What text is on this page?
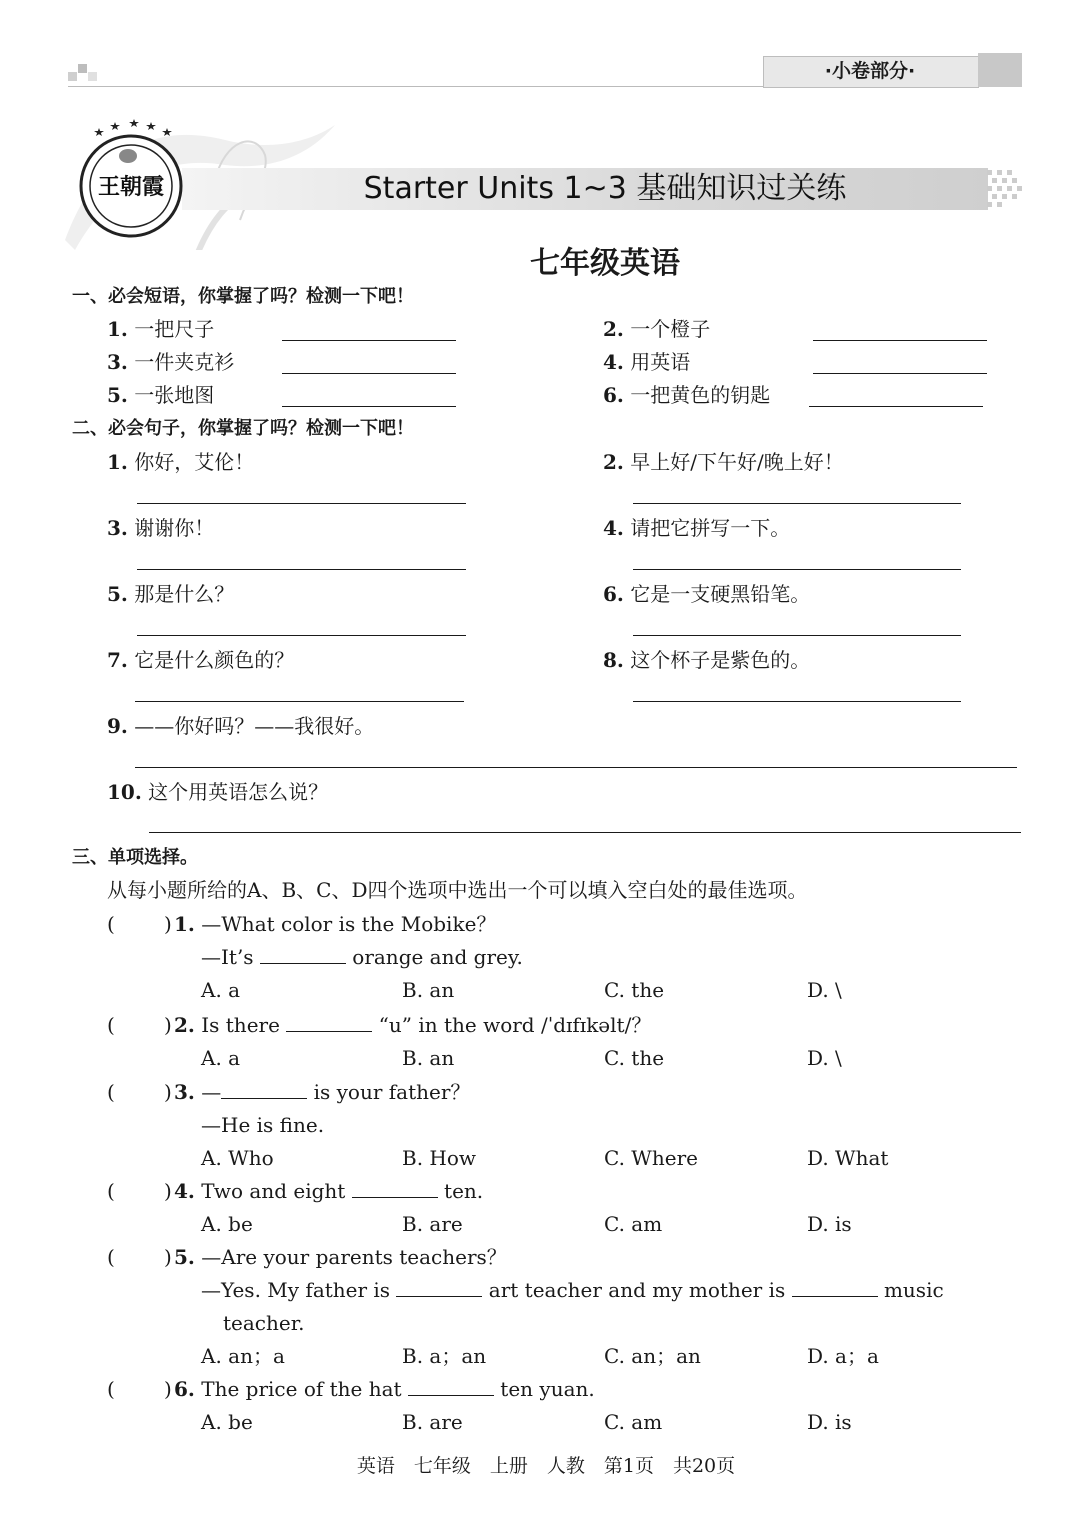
·小卷部分·
Starter Units 1~3 基础知识过关练
王朝霞
七年级英语
一、必会短语，你掌握了吗？检测一下吧！
1. 一把尺子	2. 一个橙子
3. 一件夹克衫	4. 用英语
5. 一张地图	6. 一把黄色的钥匙
二、必会句子，你掌握了吗？检测一下吧！
1. 你好，艾伦！	2. 早上好/下午好/晚上好！
3. 谢谢你！	4. 请把它拼写一下。
5. 那是什么？	6. 它是一支硬黑铅笔。
7. 它是什么颜色的？	8. 这个杯子是紫色的。
9. ——你好吗？——我很好。
10. 这个用英语怎么说？
三、单项选择。
从每小题所给的A、B、C、D四个选项中选出一个可以填入空白处的最佳选项。
( ) 1. —What color is the Mobike？
—It’s	orange and grey.
A. a	B. an	C. the	D. \
( ) 2. Is there	“u” in the word /ˈdɪfɪkəlt/？
A. a	B. an	C. the	D. \
( ) 3. —	is your father？
—He is fine.
A. Who	B. How	C. Where	D. What
( ) 4. Two and eight	ten.
A. be	B. are	C. am	D. is
( ) 5. —Are your parents teachers？
—Yes. My father is	art teacher and my mother is	music
teacher.
A. an；a	B. a；an	C. an；an	D. a；a
( ) 6. The price of the hat	ten yuan.
A. be	B. are	C. am	D. is
英语　七年级　上册　人教　第1页　共20页
